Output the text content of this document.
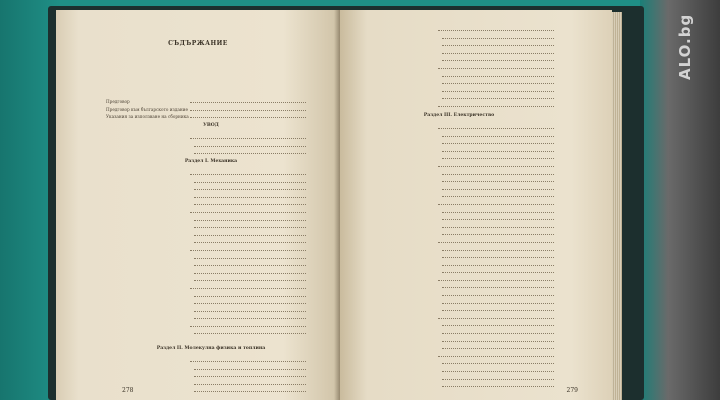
СЪДЪРЖАНИЕ
Предговор
Предговор към българското издание
Указания за използване на сборника
УВОД
Раздел I. Механика
Раздел II. Молекулна физика и топлина
278
Раздел III. Електричество
279
ALO.bg
